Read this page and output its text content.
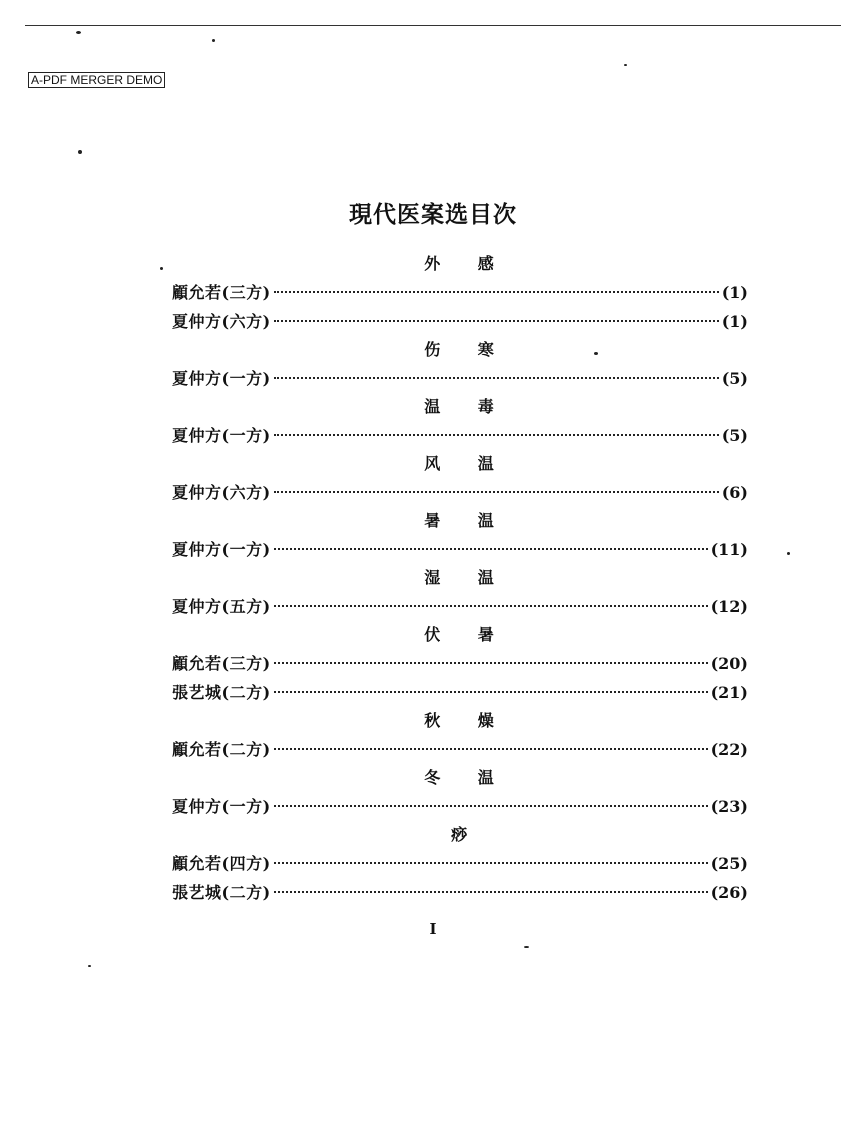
A-PDF MERGER DEMO
現代医案选目次
外 感
顧允若(三方)	(1)
夏仲方(六方)	(1)
伤 寒
夏仲方(一方)	(5)
温 毒
夏仲方(一方)	(5)
风 温
夏仲方(六方)	(6)
暑 温
夏仲方(一方)	(11)
湿 温
夏仲方(五方)	(12)
伏 暑
顧允若(三方)	(20)
張艺城(二方)	(21)
秋 燥
顧允若(二方)	(22)
冬 温
夏仲方(一方)	(23)
痧
顧允若(四方)	(25)
張艺城(二方)	(26)
I
